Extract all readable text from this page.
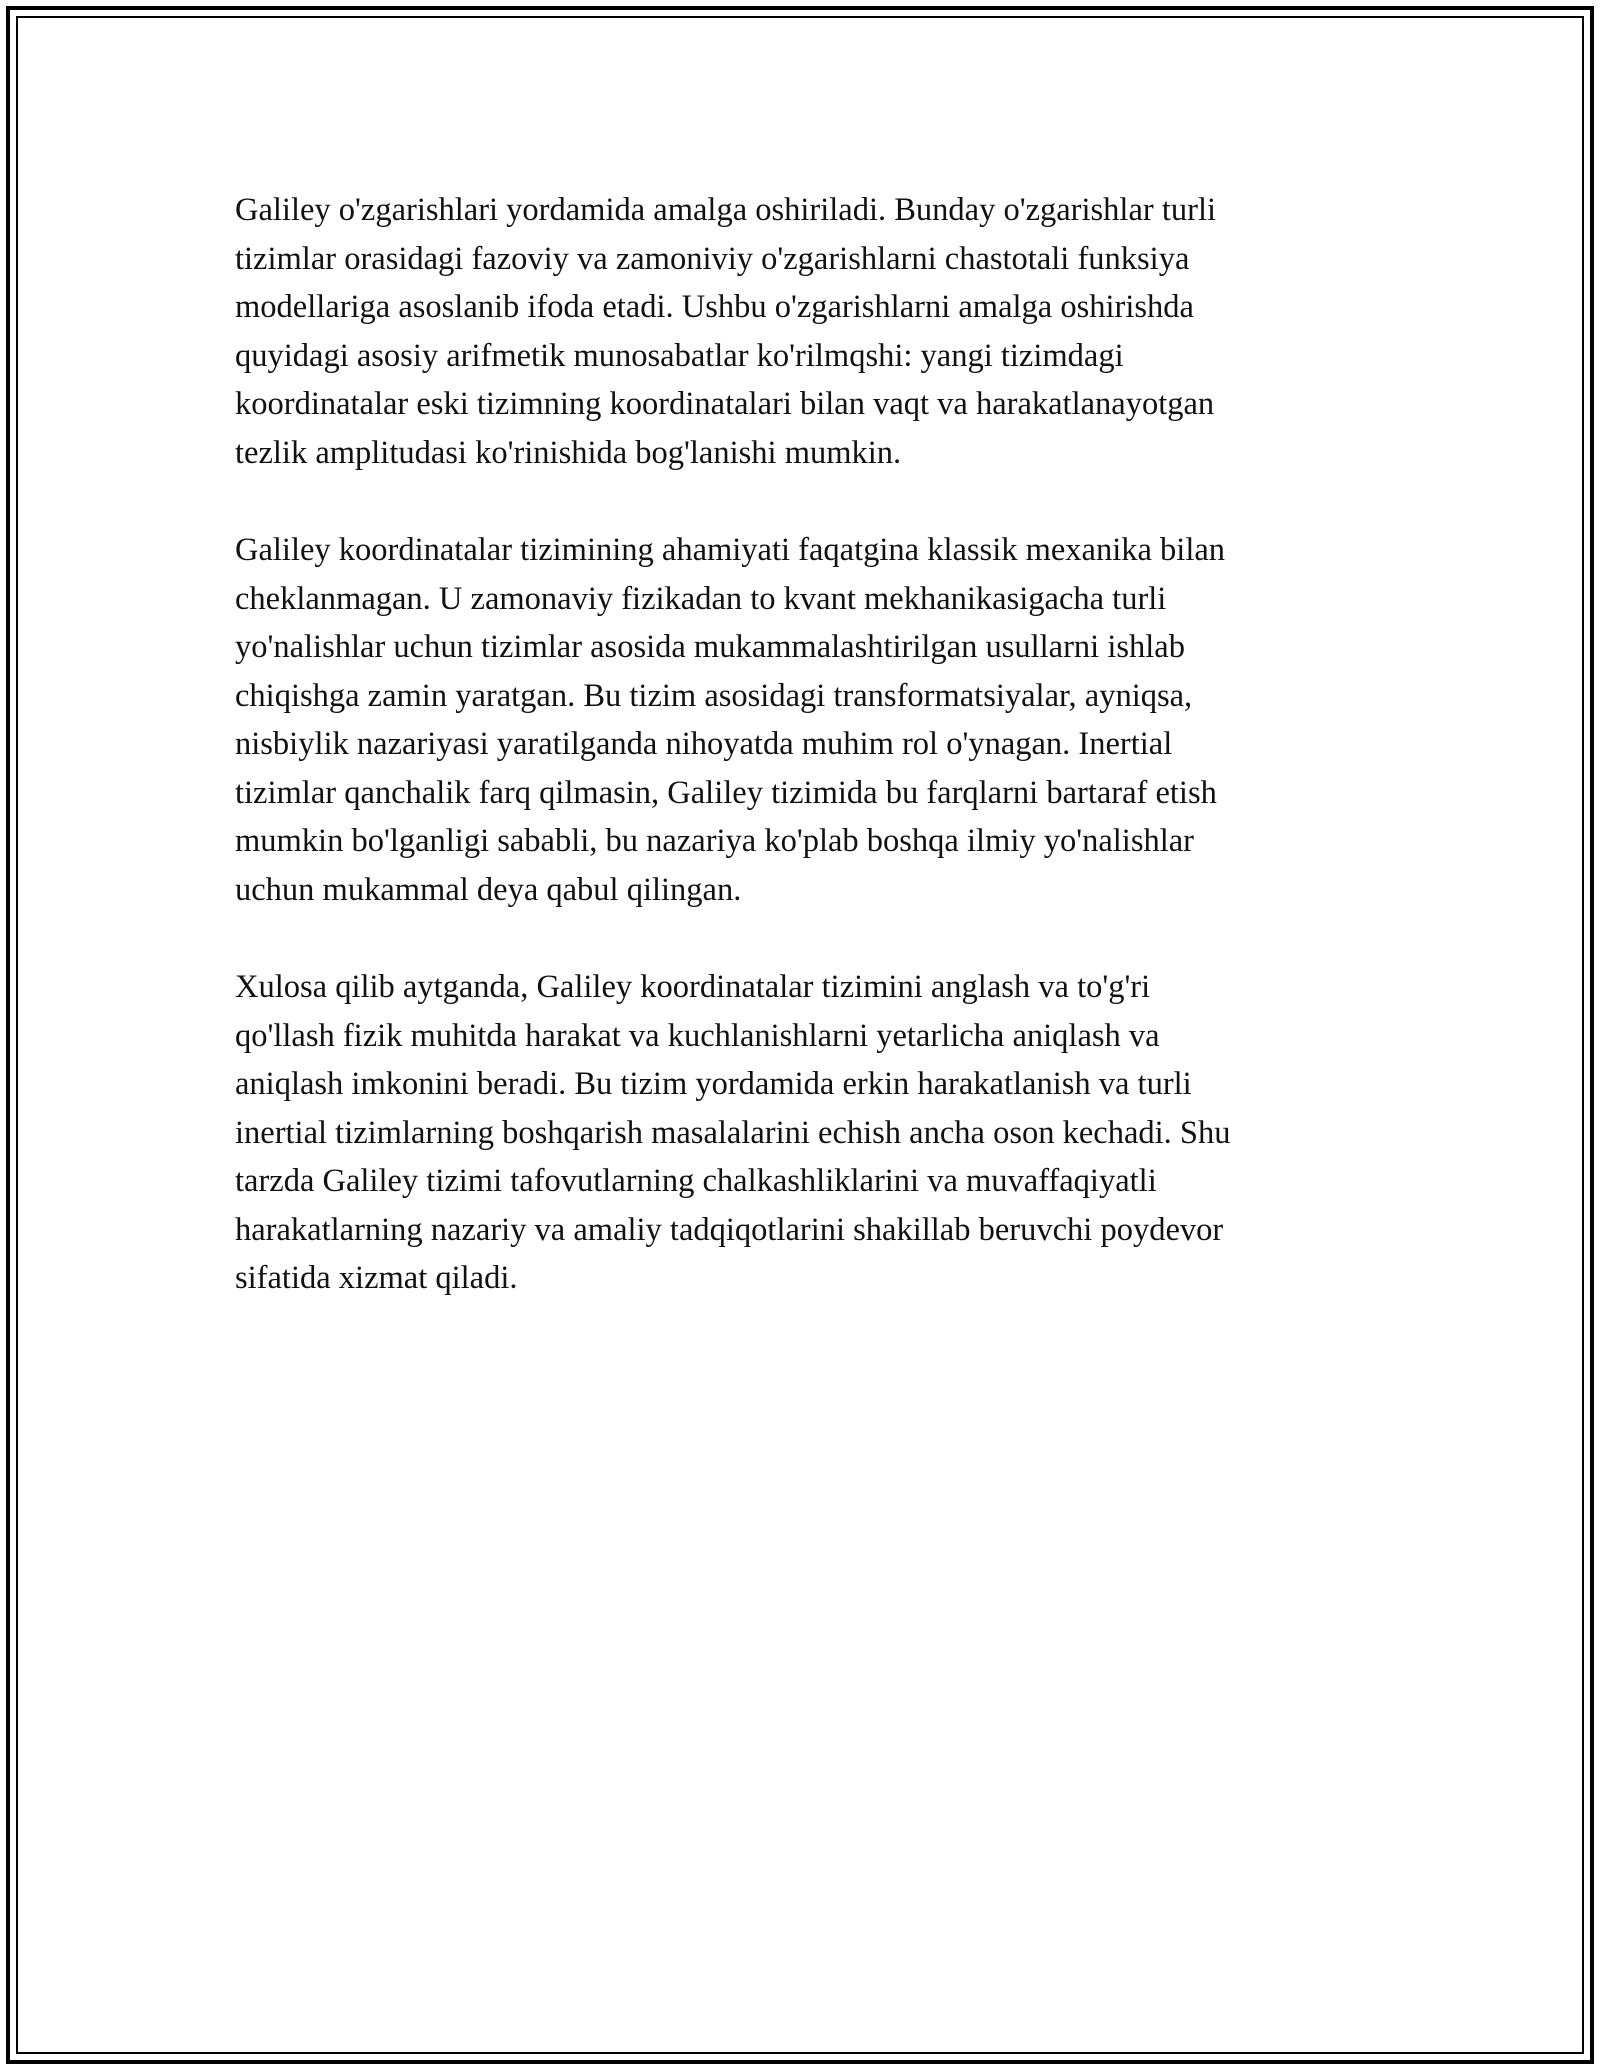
Galiley o'zgarishlari yordamida amalga oshiriladi. Bunday o'zgarishlar turli
tizimlar orasidagi fazoviy va zamoniviy o'zgarishlarni chastotali funksiya
modellariga asoslanib ifoda etadi. Ushbu o'zgarishlarni amalga oshirishda
quyidagi asosiy arifmetik munosabatlar ko'rilmqshi: yangi tizimdagi
koordinatalar eski tizimning koordinatalari bilan vaqt va harakatlanayotgan
tezlik amplitudasi ko'rinishida bog'lanishi mumkin.

Galiley koordinatalar tizimining ahamiyati faqatgina klassik mexanika bilan
cheklanmagan. U zamonaviy fizikadan to kvant mekhanikasigacha turli
yo'nalishlar uchun tizimlar asosida mukammalashtirilgan usullarni ishlab
chiqishga zamin yaratgan. Bu tizim asosidagi transformatsiyalar, ayniqsa,
nisbiylik nazariyasi yaratilganda nihoyatda muhim rol o'ynagan. Inertial
tizimlar qanchalik farq qilmasin, Galiley tizimida bu farqlarni bartaraf etish
mumkin bo'lganligi sababli, bu nazariya ko'plab boshqa ilmiy yo'nalishlar
uchun mukammal deya qabul qilingan.

Xulosa qilib aytganda, Galiley koordinatalar tizimini anglash va to'g'ri
qo'llash fizik muhitda harakat va kuchlanishlarni yetarlicha aniqlash va
aniqlash imkonini beradi. Bu tizim yordamida erkin harakatlanish va turli
inertial tizimlarning boshqarish masalalarini echish ancha oson kechadi. Shu
tarzda Galiley tizimi tafovutlarning chalkashliklarini va muvaffaqiyatli
harakatlarning nazariy va amaliy tadqiqotlarini shakillab beruvchi poydevor
sifatida xizmat qiladi.
